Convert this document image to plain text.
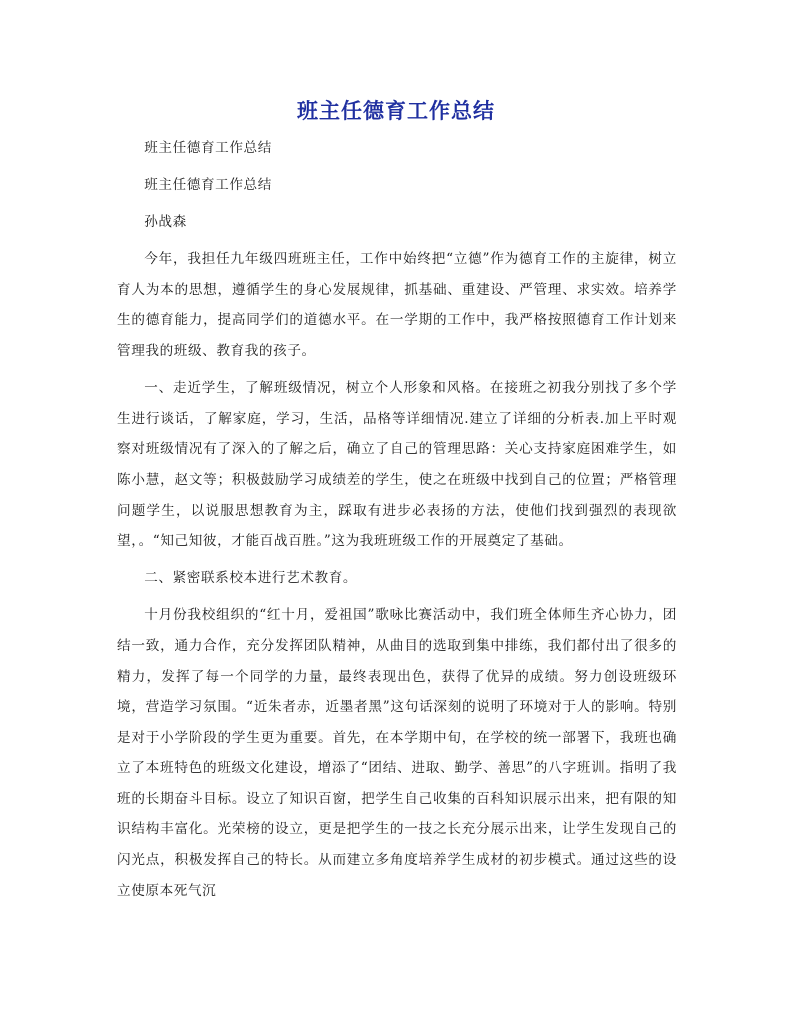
班主任德育工作总结

班主任德育工作总结

班主任德育工作总结

孙战森

今年，我担任九年级四班班主任，工作中始终把“立德”作为德育工作的主旋律，树立育人为本的思想，遵循学生的身心发展规律，抓基础、重建设、严管理、求实效。培养学生的德育能力，提高同学们的道德水平。在一学期的工作中，我严格按照德育工作计划来管理我的班级、教育我的孩子。

一、走近学生，了解班级情况，树立个人形象和风格。在接班之初我分别找了多个学生进行谈话，了解家庭，学习，生活，品格等详细情况.建立了详细的分析表.加上平时观察对班级情况有了深入的了解之后，确立了自己的管理思路：关心支持家庭困难学生，如陈小慧，赵文等；积极鼓励学习成绩差的学生，使之在班级中找到自己的位置；严格管理问题学生，以说服思想教育为主，踩取有进步必表扬的方法，使他们找到强烈的表现欲望，。“知己知彼，才能百战百胜。”这为我班班级工作的开展奠定了基础。

二、紧密联系校本进行艺术教育。

十月份我校组织的“红十月，爱祖国”歌咏比赛活动中，我们班全体师生齐心协力，团结一致，通力合作，充分发挥团队精神，从曲目的选取到集中排练，我们都付出了很多的精力，发挥了每一个同学的力量，最终表现出色，获得了优异的成绩。努力创设班级环境，营造学习氛围。“近朱者赤，近墨者黑”这句话深刻的说明了环境对于人的影响。特别是对于小学阶段的学生更为重要。首先，在本学期中旬，在学校的统一部署下，我班也确立了本班特色的班级文化建设，增添了“团结、进取、勤学、善思”的八字班训。指明了我班的长期奋斗目标。设立了知识百窗，把学生自己收集的百科知识展示出来，把有限的知识结构丰富化。光荣榜的设立，更是把学生的一技之长充分展示出来，让学生发现自己的闪光点，积极发挥自己的特长。从而建立多角度培养学生成材的初步模式。通过这些的设立使原本死气沉
